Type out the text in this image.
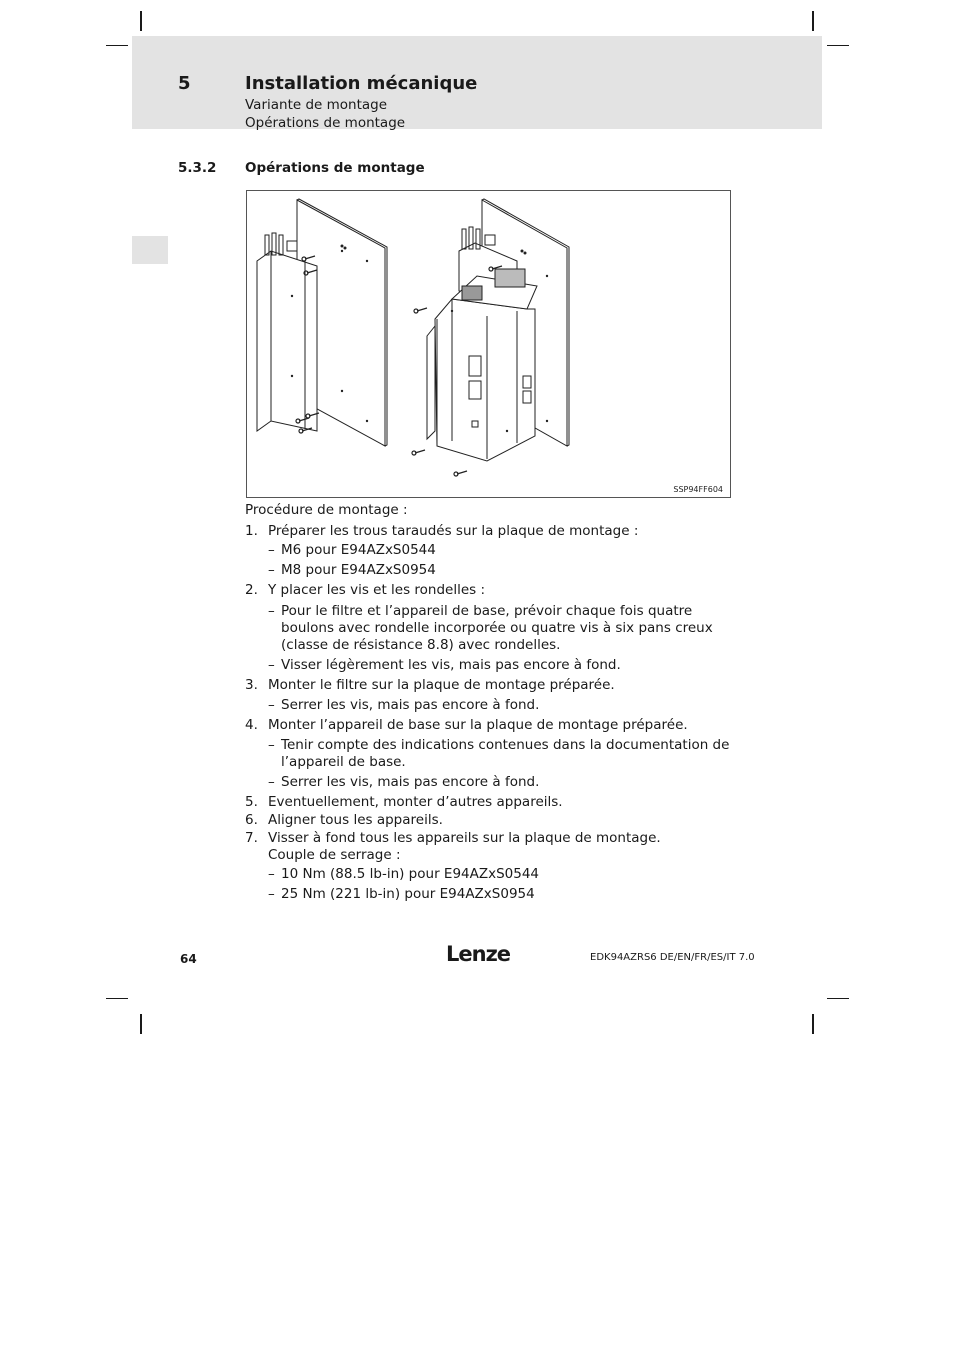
5	Installation mécanique
Variante de montage
Opérations de montage
5.3.2 Opérations de montage
SSP94FF604
Procédure de montage :
1. Préparer les trous taraudés sur la plaque de montage :
– M6 pour E94AZxS0544
– M8 pour E94AZxS0954
2. Y placer les vis et les rondelles :
– Pour le filtre et l’appareil de base, prévoir chaque fois quatre boulons avec rondelle incorporée ou quatre vis à six pans creux (classe de résistance 8.8) avec rondelles.
– Visser légèrement les vis, mais pas encore à fond.
3. Monter le filtre sur la plaque de montage préparée.
– Serrer les vis, mais pas encore à fond.
4. Monter l’appareil de base sur la plaque de montage préparée.
– Tenir compte des indications contenues dans la documentation de l’appareil de base.
– Serrer les vis, mais pas encore à fond.
5. Eventuellement, monter d’autres appareils.
6. Aligner tous les appareils.
7. Visser à fond tous les appareils sur la plaque de montage.
Couple de serrage :
– 10 Nm (88.5 lb-in) pour E94AZxS0544
– 25 Nm (221 lb-in) pour E94AZxS0954
64	Lenze	EDK94AZRS6 DE/EN/FR/ES/IT 7.0
